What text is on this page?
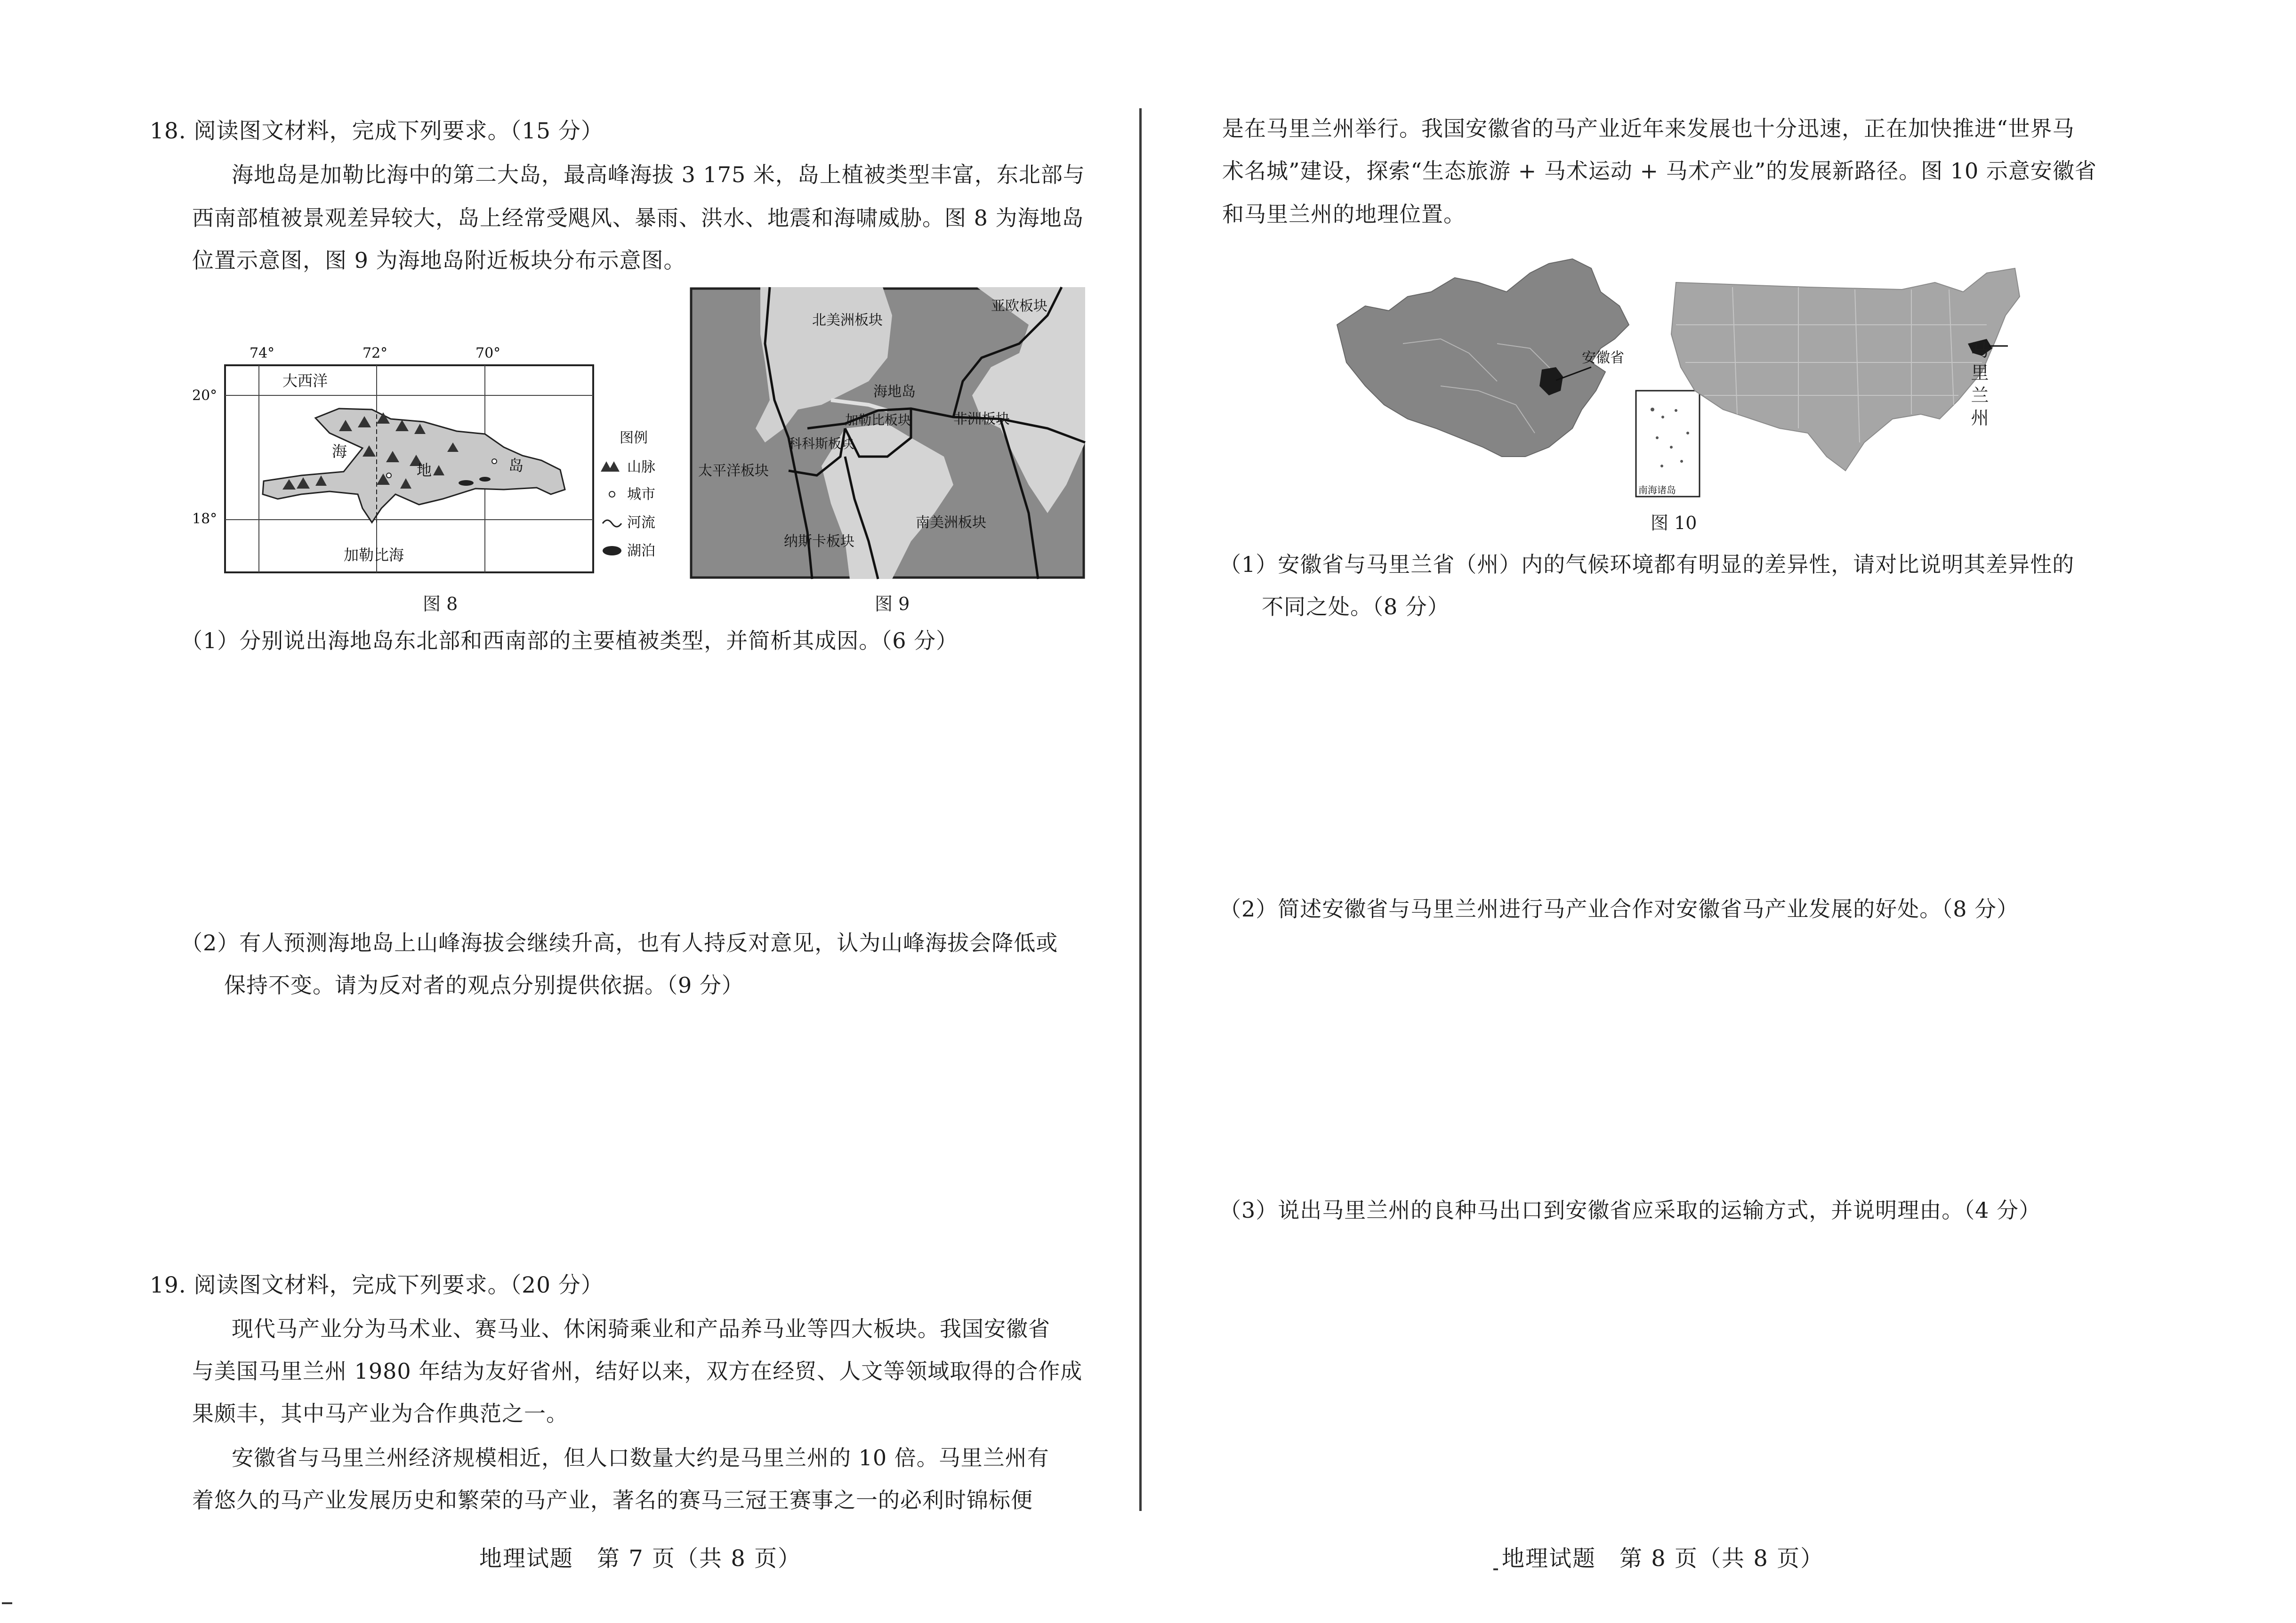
18. 阅读图文材料，完成下列要求。（15 分）
海地岛是加勒比海中的第二大岛，最高峰海拔 3 175 米，岛上植被类型丰富，东北部与
西南部植被景观差异较大，岛上经常受飓风、暴雨、洪水、地震和海啸威胁。图 8 为海地岛
位置示意图，图 9 为海地岛附近板块分布示意图。
74°	72°	70°
20°
18°
大西洋
加勒比海
海
地	岛
图例
山脉
城市
河流
湖泊
北美洲板块
亚欧板块
海地岛
加勒比板块
科科斯板块
非洲板块
太平洋板块
南美洲板块
纳斯卡板块
图 8	图 9
（1）分别说出海地岛东北部和西南部的主要植被类型，并简析其成因。（6 分）
（2）有人预测海地岛上山峰海拔会继续升高，也有人持反对意见，认为山峰海拔会降低或
保持不变。请为反对者的观点分别提供依据。（9 分）
19. 阅读图文材料，完成下列要求。（20 分）
现代马产业分为马术业、赛马业、休闲骑乘业和产品养马业等四大板块。我国安徽省
与美国马里兰州 1980 年结为友好省州，结好以来，双方在经贸、人文等领域取得的合作成
果颇丰，其中马产业为合作典范之一。
安徽省与马里兰州经济规模相近，但人口数量大约是马里兰州的 10 倍。马里兰州有
着悠久的马产业发展历史和繁荣的马产业，著名的赛马三冠王赛事之一的必利时锦标便
地理试题　第 7 页（共 8 页）
是在马里兰州举行。我国安徽省的马产业近年来发展也十分迅速，正在加快推进“世界马
术名城”建设，探索“生态旅游 + 马术运动 + 马术产业”的发展新路径。图 10 示意安徽省
和马里兰州的地理位置。
安徽省
南海诸岛
马
里
兰
州
图 10
（1）安徽省与马里兰省（州）内的气候环境都有明显的差异性，请对比说明其差异性的
不同之处。（8 分）
（2）简述安徽省与马里兰州进行马产业合作对安徽省马产业发展的好处。（8 分）
（3）说出马里兰州的良种马出口到安徽省应采取的运输方式，并说明理由。（4 分）
地理试题　第 8 页（共 8 页）
